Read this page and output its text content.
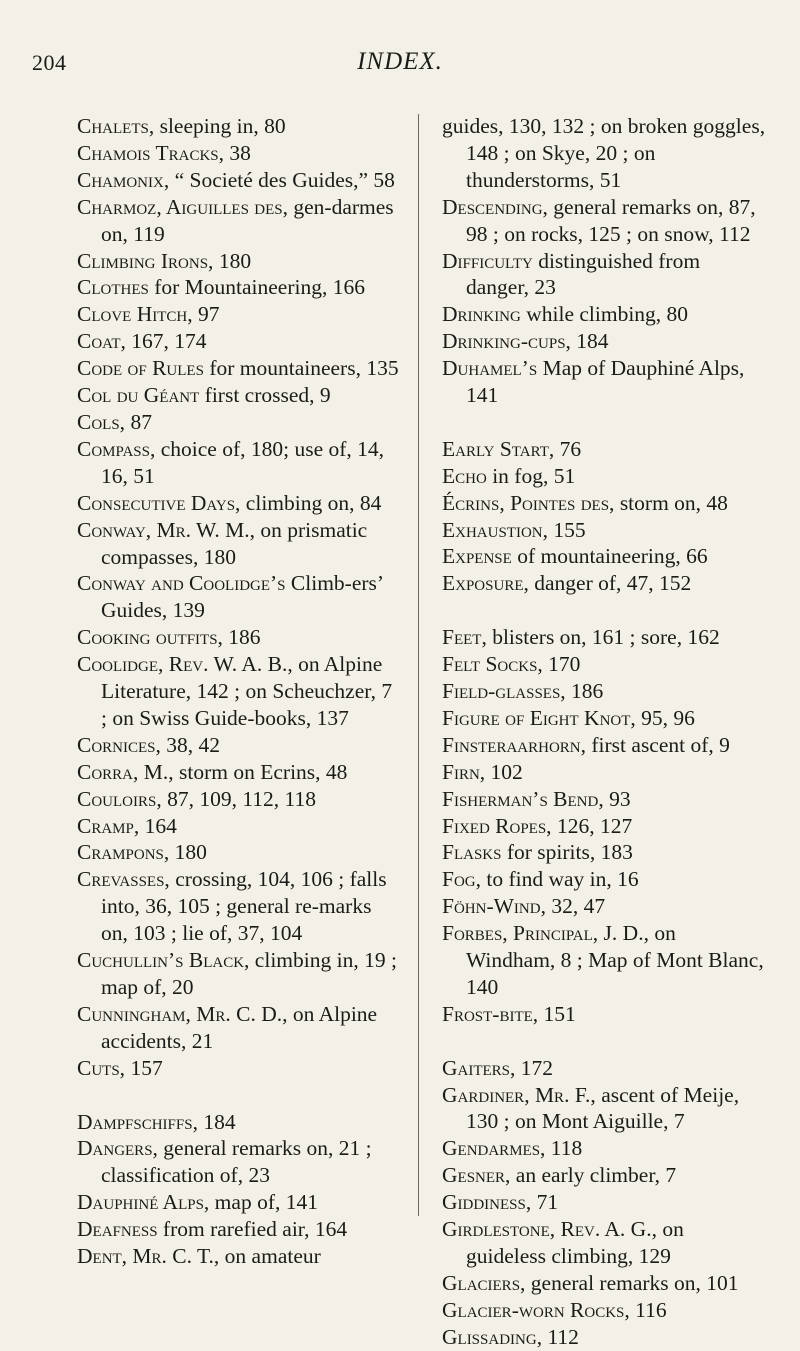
204	INDEX.
Chalets, sleeping in, 80
Chamois Tracks, 38
Chamonix, “ Societé des Guides,” 58
Charmoz, Aiguilles des, gen-darmes on, 119
Climbing Irons, 180
Clothes for Mountaineering, 166
Clove Hitch, 97
Coat, 167, 174
Code of Rules for mountaineers, 135
Col du Géant first crossed, 9
Cols, 87
Compass, choice of, 180; use of, 14, 16, 51
Consecutive Days, climbing on, 84
Conway, Mr. W. M., on prismatic compasses, 180
Conway and Coolidge’s Climb-ers’ Guides, 139
Cooking outfits, 186
Coolidge, Rev. W. A. B., on Alpine Literature, 142 ; on Scheuchzer, 7 ; on Swiss Guide-books, 137
Cornices, 38, 42
Corra, M., storm on Ecrins, 48
Couloirs, 87, 109, 112, 118
Cramp, 164
Crampons, 180
Crevasses, crossing, 104, 106 ; falls into, 36, 105 ; general re-marks on, 103 ; lie of, 37, 104
Cuchullin’s Black, climbing in, 19 ; map of, 20
Cunningham, Mr. C. D., on Alpine accidents, 21
Cuts, 157
Dampfschiffs, 184
Dangers, general remarks on, 21 ; classification of, 23
Dauphiné Alps, map of, 141
Deafness from rarefied air, 164
Dent, Mr. C. T., on amateur
guides, 130, 132 ; on broken goggles, 148 ; on Skye, 20 ; on thunderstorms, 51
Descending, general remarks on, 87, 98 ; on rocks, 125 ; on snow, 112
Difficulty distinguished from danger, 23
Drinking while climbing, 80
Drinking-cups, 184
Duhamel’s Map of Dauphiné Alps, 141
Early Start, 76
Echo in fog, 51
Écrins, Pointes des, storm on, 48
Exhaustion, 155
Expense of mountaineering, 66
Exposure, danger of, 47, 152
Feet, blisters on, 161 ; sore, 162
Felt Socks, 170
Field-glasses, 186
Figure of Eight Knot, 95, 96
Finsteraarhorn, first ascent of, 9
Firn, 102
Fisherman’s Bend, 93
Fixed Ropes, 126, 127
Flasks for spirits, 183
Fog, to find way in, 16
Föhn-Wind, 32, 47
Forbes, Principal, J. D., on Windham, 8 ; Map of Mont Blanc, 140
Frost-bite, 151
Gaiters, 172
Gardiner, Mr. F., ascent of Meije, 130 ; on Mont Aiguille, 7
Gendarmes, 118
Gesner, an early climber, 7
Giddiness, 71
Girdlestone, Rev. A. G., on guideless climbing, 129
Glaciers, general remarks on, 101
Glacier-worn Rocks, 116
Glissading, 112
